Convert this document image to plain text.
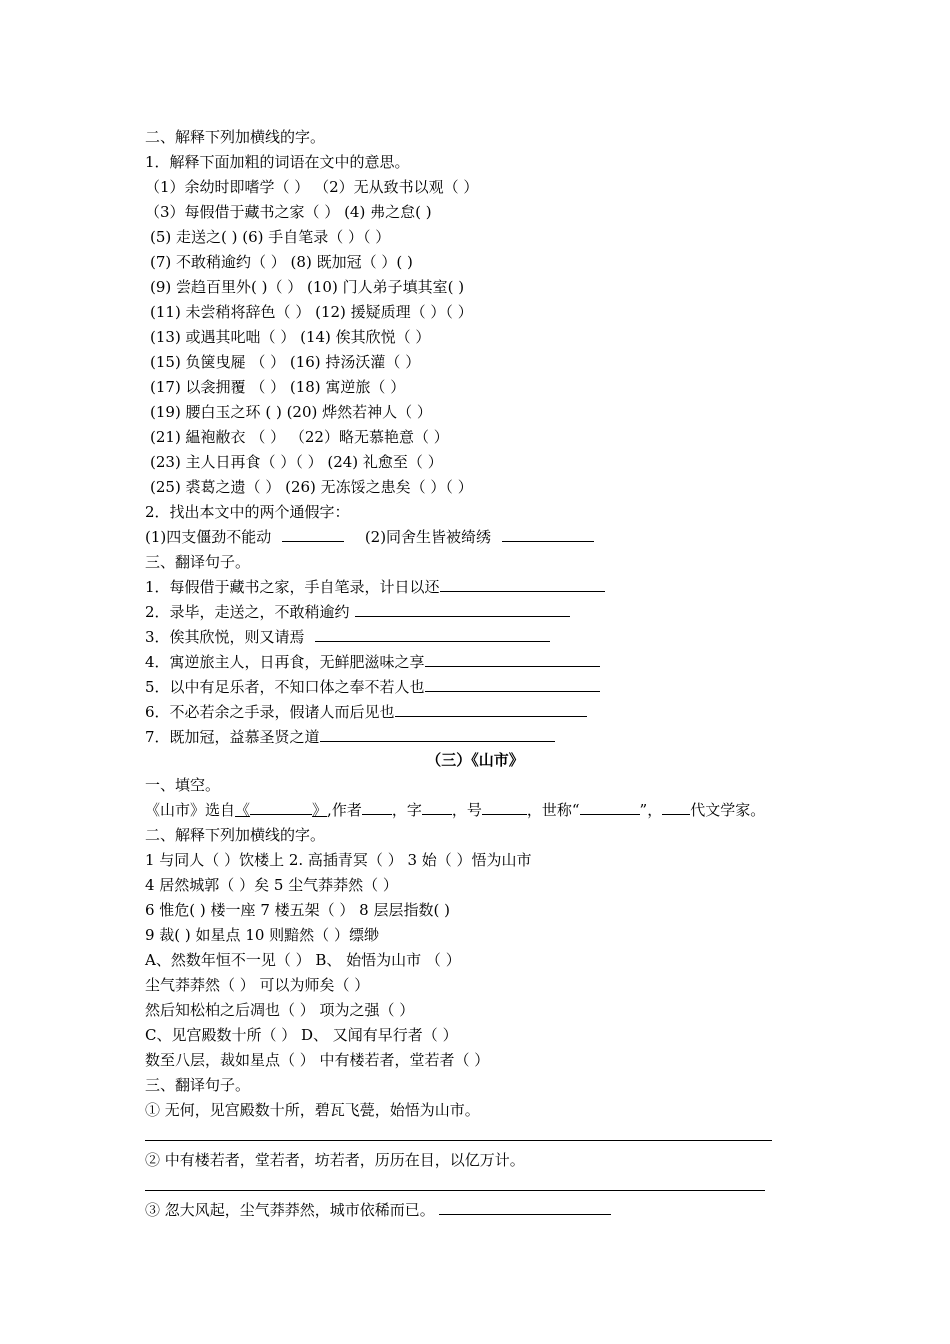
二、解释下列加横线的字。
1．解释下面加粗的词语在文中的意思。
（1）余幼时即嗜学（ ） （2）无从致书以观（ ）
（3）每假借于藏书之家（ ） (4) 弗之怠( )
(5) 走送之( ) (6) 手自笔录（ ）（ ）
(7) 不敢稍逾约（ ） (8) 既加冠（ ）( )
(9) 尝趋百里外( )（ ） (10) 门人弟子填其室( )
(11) 未尝稍将辞色（ ） (12) 援疑质理（ ）（ ）
(13) 或遇其叱咄（ ） (14) 俟其欣悦（ ）
(15) 负箧曳屣 （ ） (16) 持汤沃灌（ ）
(17) 以衾拥覆 （ ） (18) 寓逆旅（ ）
(19) 腰白玉之环 ( ) (20) 烨然若神人（ ）
(21) 緼袍敝衣 （ ） （22）略无慕艳意（ ）
(23) 主人日再食（ ）（ ） (24) 礼愈至（ ）
(25) 裘葛之遗（ ） (26) 无冻馁之患矣（ ）（ ）
2．找出本文中的两个通假字：
(1)四支僵劲不能动	(2)同舍生皆被绮绣
三、翻译句子。
1．每假借于藏书之家，手自笔录，计日以还
2．录毕，走送之，不敢稍逾约
3．俟其欣悦，则又请焉
4．寓逆旅主人，日再食，无鲜肥滋味之享
5．以中有足乐者，不知口体之奉不若人也
6．不必若余之手录，假诸人而后见也
7．既加冠，益慕圣贤之道
（三）《山市》
一、填空。
《山市》选自《	》,作者 ，字 ，号	，世称“	”， 代文学家。
二、解释下列加横线的字。
1 与同人（ ）饮楼上 2. 高插青冥（ ） 3 始（ ）悟为山市
4 居然城郭（ ）矣 5 尘气莽莽然（ ）
6 惟危( ) 楼一座 7 楼五架（ ） 8 层层指数( )
9 裁( ) 如星点 10 则黯然（ ）缥缈
A、然数年恒不一见（ ） B、 始悟为山市 （ ）
尘气莽莽然（ ） 可以为师矣（ ）
然后知松柏之后凋也（ ） 项为之强（ ）
C、见宫殿数十所（ ） D、 又闻有早行者（ ）
数至八层，裁如星点（ ） 中有楼若者，堂若者（ ）
三、翻译句子。
① 无何，见宫殿数十所，碧瓦飞甍，始悟为山市。
② 中有楼若者，堂若者，坊若者，历历在目，以亿万计。
③ 忽大风起，尘气莽莽然，城市依稀而已。
